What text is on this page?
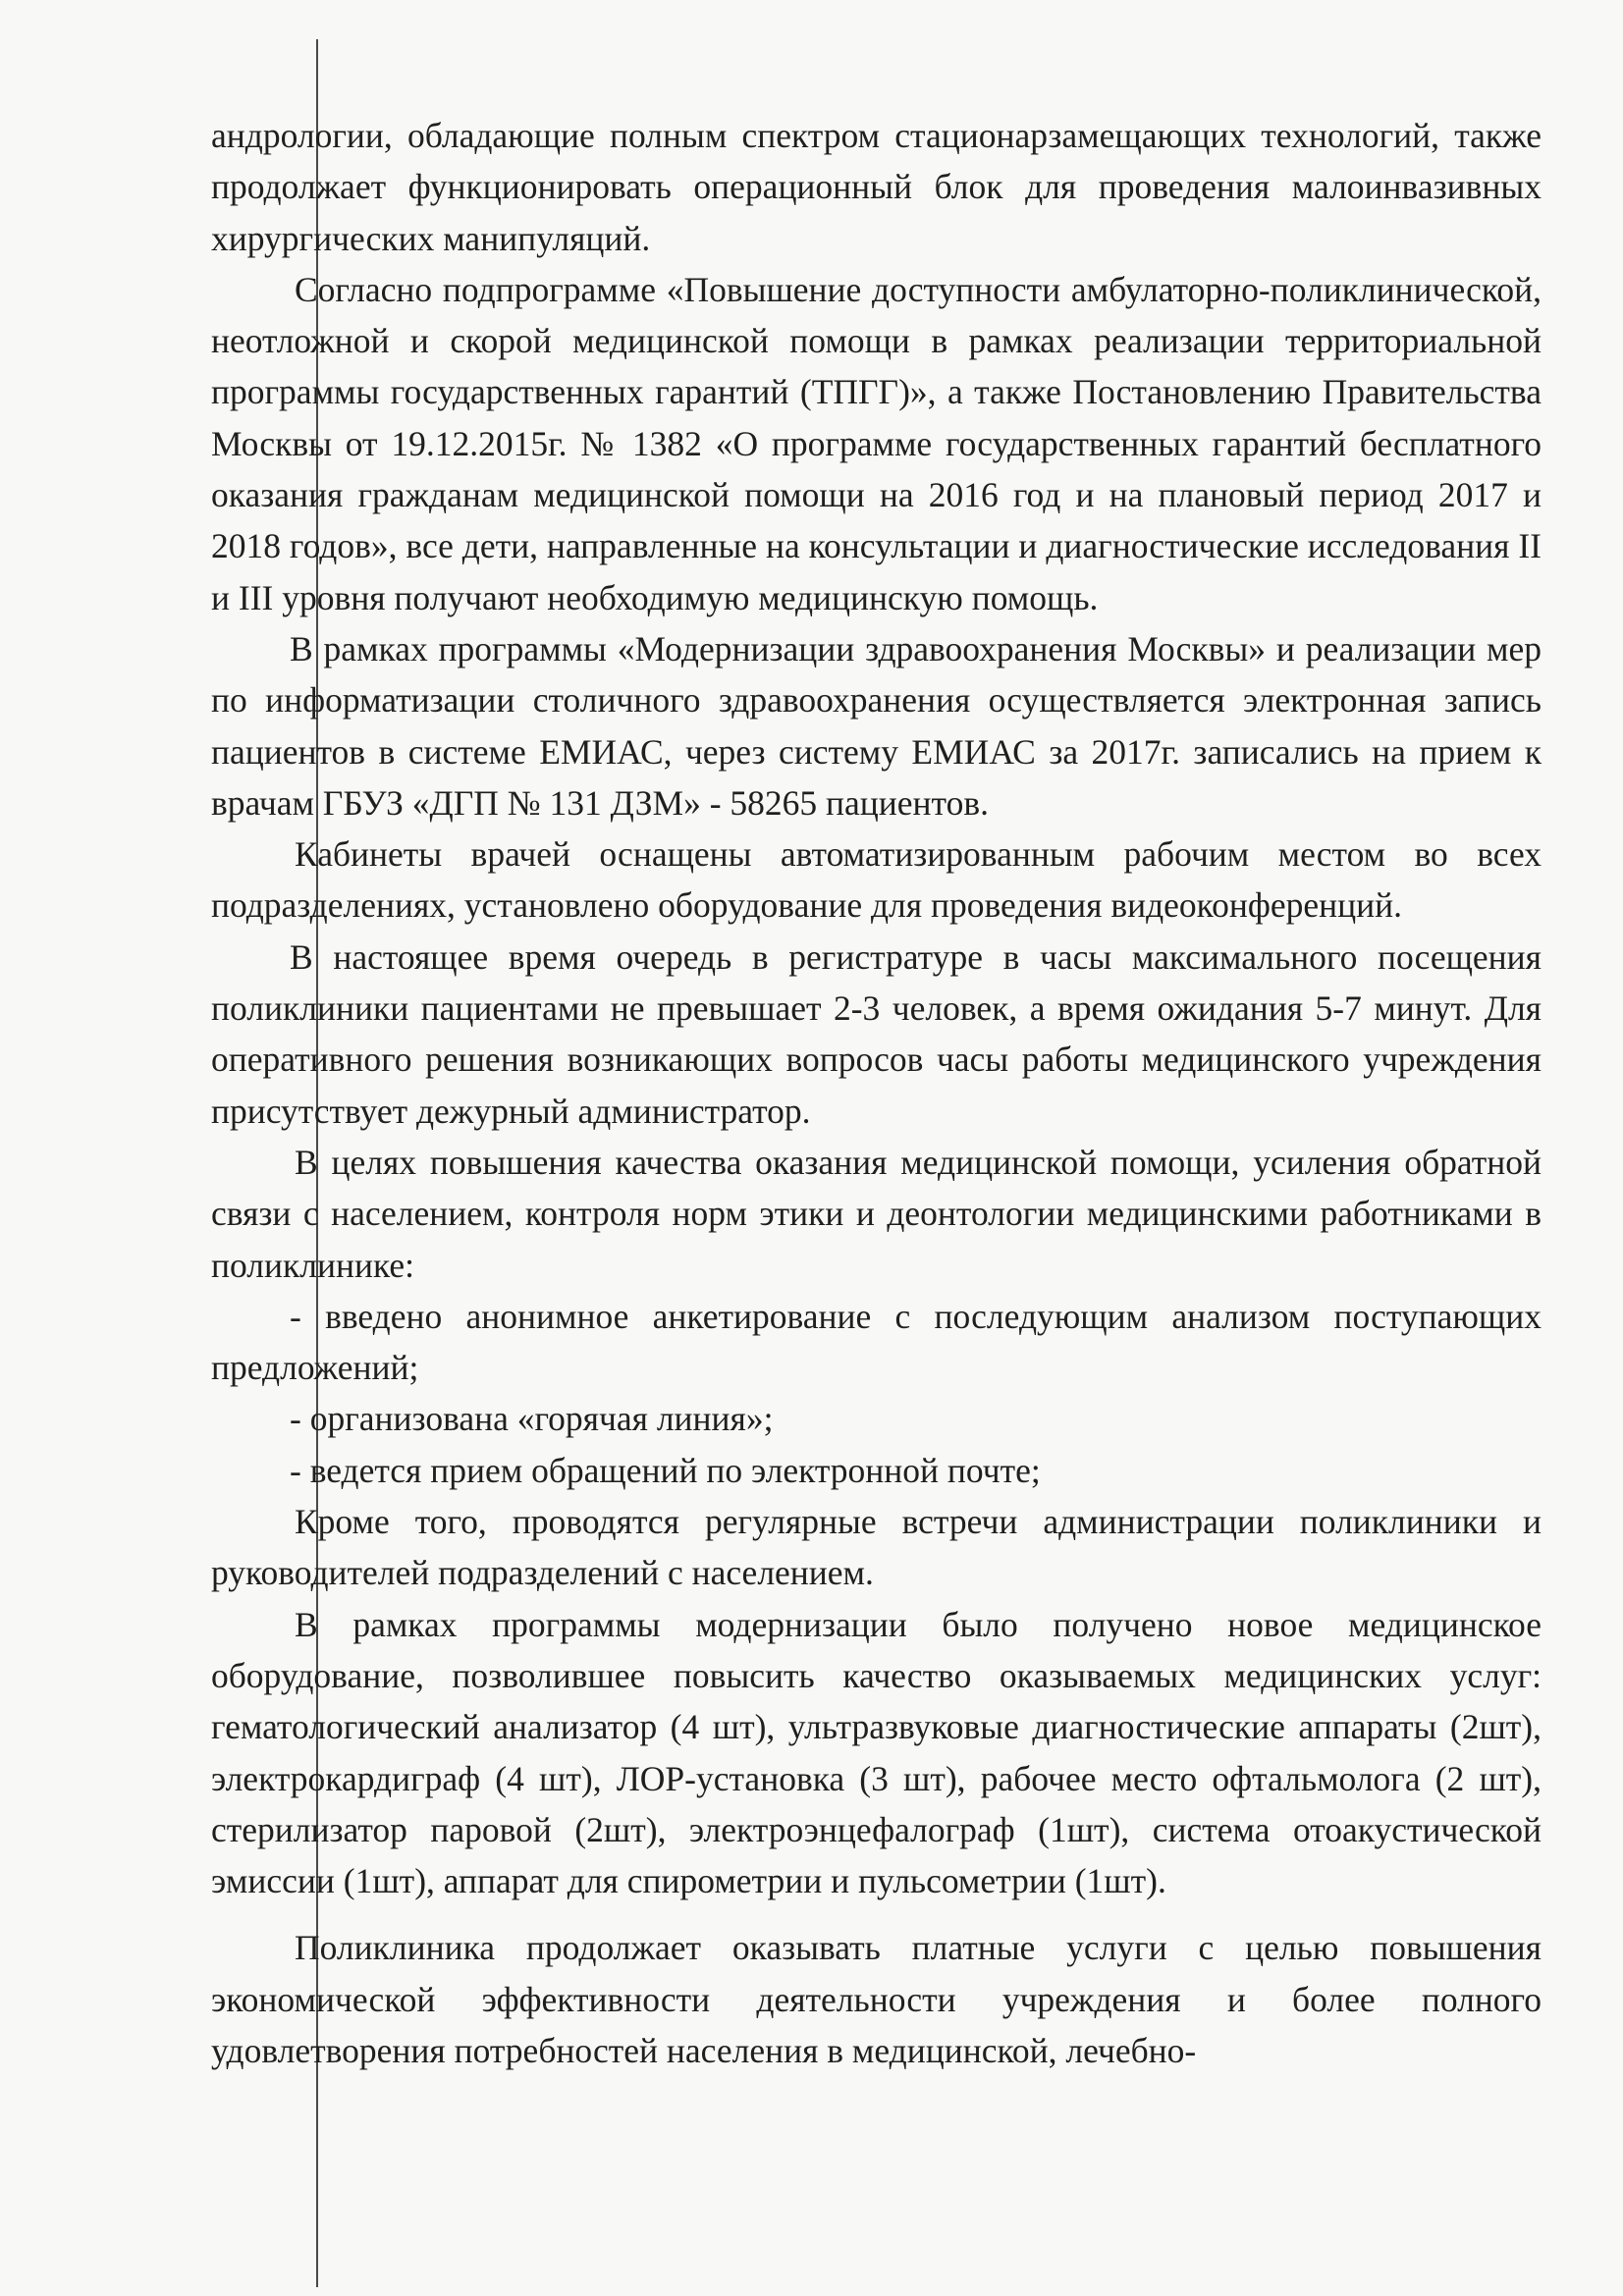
андрологии, обладающие полным спектром стационарзамещающих технологий, также продолжает функционировать операционный блок для проведения малоинвазивных хирургических манипуляций.

Согласно подпрограмме «Повышение доступности амбулаторно-поликлинической, неотложной и скорой медицинской помощи в рамках реализации территориальной программы государственных гарантий (ТПГГ)», а также Постановлению Правительства Москвы от 19.12.2015г. № 1382 «О программе государственных гарантий бесплатного оказания гражданам медицинской помощи на 2016 год и на плановый период 2017 и 2018 годов», все дети, направленные на консультации и диагностические исследования II и III уровня получают необходимую медицинскую помощь.

В рамках программы «Модернизации здравоохранения Москвы» и реализации мер по информатизации столичного здравоохранения осуществляется электронная запись пациентов в системе ЕМИАС, через систему ЕМИАС за 2017г. записались на прием к врачам ГБУЗ «ДГП № 131 ДЗМ» - 58265 пациентов.

Кабинеты врачей оснащены автоматизированным рабочим местом во всех подразделениях, установлено оборудование для проведения видеоконференций.

В настоящее время очередь в регистратуре в часы максимального посещения поликлиники пациентами не превышает 2-3 человек, а время ожидания 5-7 минут. Для оперативного решения возникающих вопросов часы работы медицинского учреждения присутствует дежурный администратор.

В целях повышения качества оказания медицинской помощи, усиления обратной связи с населением, контроля норм этики и деонтологии медицинскими работниками в поликлинике:

- введено анонимное анкетирование с последующим анализом поступающих предложений;

- организована «горячая линия»;

- ведется прием обращений по электронной почте;

Кроме того, проводятся регулярные встречи администрации поликлиники и руководителей подразделений с населением.

В рамках программы модернизации было получено новое медицинское оборудование, позволившее повысить качество оказываемых медицинских услуг: гематологический анализатор (4 шт), ультразвуковые диагностические аппараты (2шт), электрокардиграф (4 шт), ЛОР-установка (3 шт), рабочее место офтальмолога (2 шт), стерилизатор паровой (2шт), электроэнцефалограф (1шт), система отоакустической эмиссии (1шт), аппарат для спирометрии и пульсометрии (1шт).

Поликлиника продолжает оказывать платные услуги с целью повышения экономической эффективности деятельности учреждения и более полного удовлетворения потребностей населения в медицинской, лечебно-
